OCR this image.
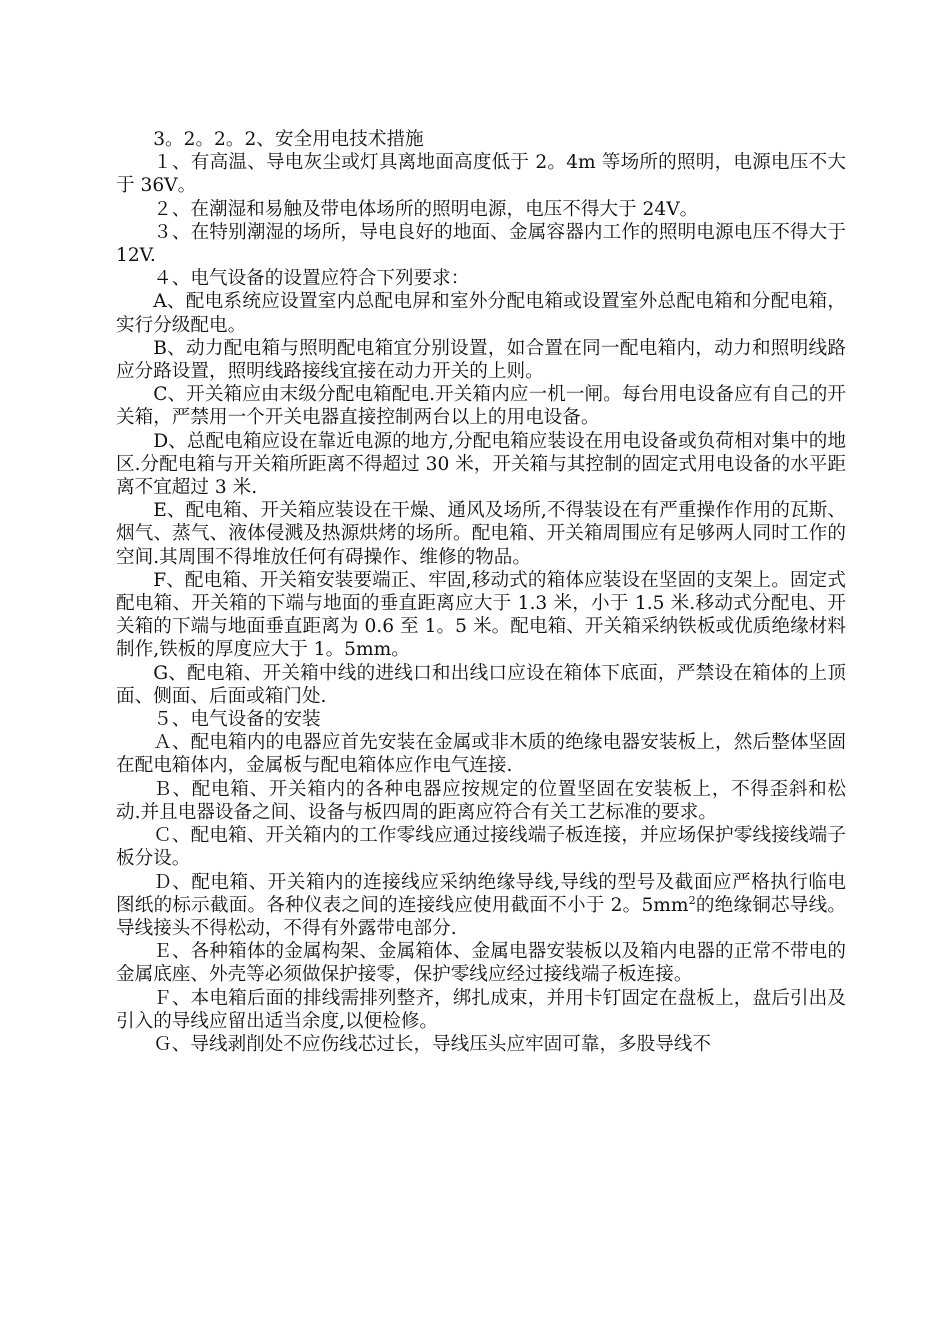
3。2。2。2、安全用电技术措施

１、有高温、导电灰尘或灯具离地面高度低于 2。4m 等场所的照明，电源电压不大于 36V。

２、在潮湿和易触及带电体场所的照明电源，电压不得大于 24V。

３、在特别潮湿的场所，导电良好的地面、金属容器内工作的照明电源电压不得大于 12V.

４、电气设备的设置应符合下列要求：

A、配电系统应设置室内总配电屏和室外分配电箱或设置室外总配电箱和分配电箱，实行分级配电。

B、动力配电箱与照明配电箱宜分别设置，如合置在同一配电箱内，动力和照明线路应分路设置，照明线路接线宜接在动力开关的上则。

C、开关箱应由末级分配电箱配电.开关箱内应一机一闸。每台用电设备应有自己的开关箱，严禁用一个开关电器直接控制两台以上的用电设备。

D、总配电箱应设在靠近电源的地方,分配电箱应装设在用电设备或负荷相对集中的地区.分配电箱与开关箱所距离不得超过 30 米，开关箱与其控制的固定式用电设备的水平距离不宜超过 3 米.

E、配电箱、开关箱应装设在干燥、通风及场所,不得装设在有严重操作作用的瓦斯、烟气、蒸气、液体侵溅及热源烘烤的场所。配电箱、开关箱周围应有足够两人同时工作的空间.其周围不得堆放任何有碍操作、维修的物品。

F、配电箱、开关箱安装要端正、牢固,移动式的箱体应装设在坚固的支架上。固定式配电箱、开关箱的下端与地面的垂直距离应大于 1.3 米，小于 1.5 米.移动式分配电、开关箱的下端与地面垂直距离为 0.6 至 1。5 米。配电箱、开关箱采纳铁板或优质绝缘材料制作,铁板的厚度应大于 1。5mm。

G、配电箱、开关箱中线的进线口和出线口应设在箱体下底面，严禁设在箱体的上顶面、侧面、后面或箱门处.

５、电气设备的安装

Ａ、配电箱内的电器应首先安装在金属或非木质的绝缘电器安装板上，然后整体坚固在配电箱体内，金属板与配电箱体应作电气连接.

Ｂ、配电箱、开关箱内的各种电器应按规定的位置坚固在安装板上，不得歪斜和松动.并且电器设备之间、设备与板四周的距离应符合有关工艺标准的要求。

Ｃ、配电箱、开关箱内的工作零线应通过接线端子板连接，并应场保护零线接线端子板分设。

Ｄ、配电箱、开关箱内的连接线应采纳绝缘导线,导线的型号及截面应严格执行临电图纸的标示截面。各种仪表之间的连接线应使用截面不小于 2。$5mm^2$的绝缘铜芯导线。导线接头不得松动，不得有外露带电部分.

Ｅ、各种箱体的金属构架、金属箱体、金属电器安装板以及箱内电器的正常不带电的金属底座、外壳等必须做保护接零，保护零线应经过接线端子板连接。

Ｆ、本电箱后面的排线需排列整齐，绑扎成束，并用卡钉固定在盘板上，盘后引出及引入的导线应留出适当余度,以便检修。

Ｇ、导线剥削处不应伤线芯过长，导线压头应牢固可靠，多股导线不
